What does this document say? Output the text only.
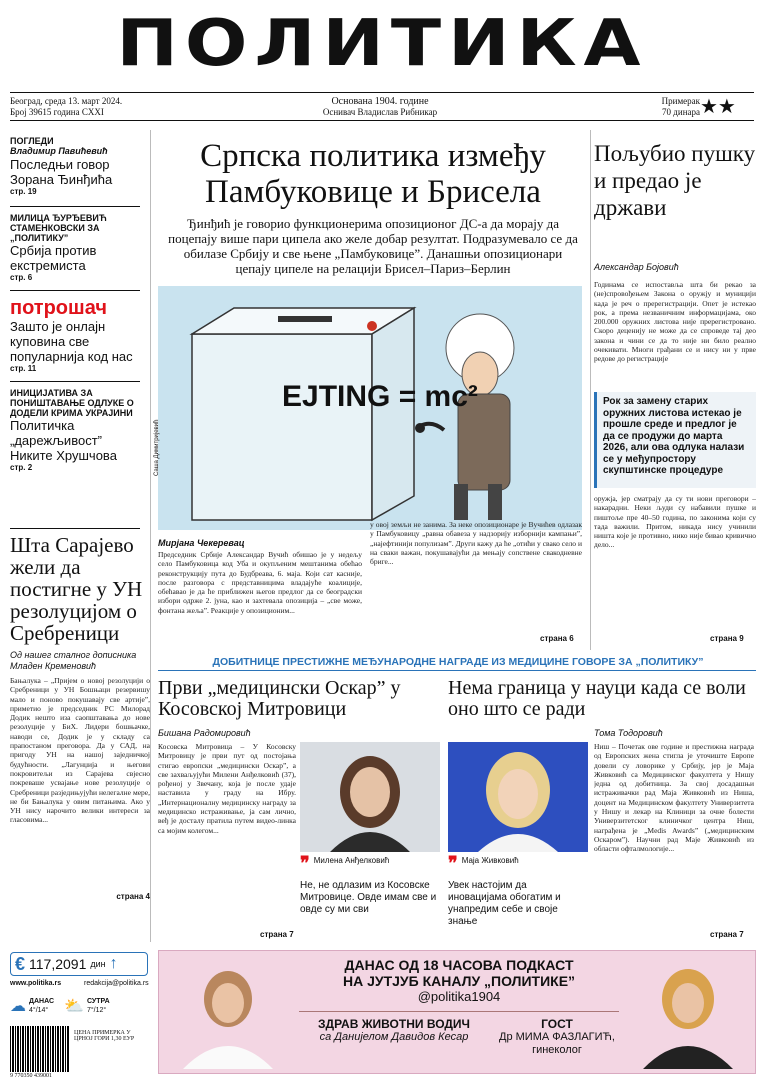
ПОЛИТИКА
Београд, среда 13. март 2024.
Број 39615 година CXXI
Основана 1904. године
Оснивач Владислав Рибникар
Примерак
70 динара ★★
ПОГЛЕДИ
Владимир Павићевић
Последњи говор Зорана Ђинђића
стр. 19
МИЛИЦА ЂУРЂЕВИЋ СТАМЕНКОВСКИ ЗА „ПОЛИТИКУ”
Србија против екстремиста
стр. 6
потрошач
Зашто је онлајн куповина све популарнија код нас
стр. 11
ИНИЦИЈАТИВА ЗА ПОНИШТАВАЊЕ ОДЛУКЕ О ДОДЕЛИ КРИМА УКРАЈИНИ
Политичка „дарежљивост” Никите Хрушчова
стр. 2
Шта Сарајево жели да постигне у УН резолуцијом о Сребреници
Од нашег сталног дописника Младен Кременовић
Бањалука – „Пријем о новој резолуцији о Сребреници у УН Бошњаци резервишу мало и поново покушавају све артије”, приметио је председник РС Милорад Додик нешто иза саопштавања до нове резолуције у БиХ. Лидери бошњачке, наводи се, Додик је у складу са прапостаном преговора. Да у САД, на пригоду УН на нашој заједничкој будућности. „Лагунџија и његови покровитељи из Сарајева свјесно покреваше усвајање нове резолуције о Сребреници разједињујући нелегалне мере, не би Бањалука у овим питањима. Ако у УН нису нарочито велики интереси за гласовима...
страна 4
€ 117,2091 дин ↑
www.politika.rs	redakcija@politika.rs
☁ ДАНАС
4°/14° ⛅ СУТРА
7°/12°
9 770350 439001
ЦЕНА ПРИМЕРКА У ЦРНОЈ ГОРИ 1,30 ЕУР
Српска политика између Памбуковице и Брисела
Ђинђић је говорио функционерима опозиционог ДС-а да морају да поцепају више пари ципела ако желе добар резултат. Подразумевало се да обилазе Србију и све њене „Памбуковице”. Данашњи опозиционари цепају ципеле на релацији Брисел–Париз–Берлин
EJTING = mc²
Саша Димитријевић
Мирјана Чекеревац
Председник Србије Александар Вучић обишао је у недељу село Памбуковица код Уба и окупљеним мештанима обећао реконструкцију пута до Будбреава, 6. маја. Који сат касније, после разговора с представницима владајуће коалиције, обећавао је да ће приближен његов предлог да се београдски избори одрже 2. јуна, као и захтевала опозиција – „све може, фонтана жеља”. Реакције у опозиционим...
у овој земљи не занима. За неке опозиционаре је Вучићев одлазак у Памбуковицу „равна обавеза у надзорију изборнији кампањи”, „најефтинији популизам”. Други кажу да ће „отићи у свако село и на сваки важан, покушавајући да мењају сопствене свакодневне бриге...
страна 6
Пољубио пушку и предао је држави
Александар Бојовић
Годинама се испоставља шта би рекао за (не)спровођењем Закона о оружју и муницији када је реч о пререгистрацији. Опет је истекао рок, а према незваничним информацијама, око 200.000 оружних листова није пререгистровано. Скоро децениjу не може да се спроведе тај део закона и чини се да то није ни било реално очекивати. Многи грађани се и нису ни у прве редове до регистрације
Рок за замену старих оружних листова истекао је прошле среде и предлог је да се продужи до марта 2026, али ова одлука налази се у међупростору скупштинске процедуре
оружја, јер сматрају да су ти нови преговори – накарадни. Неки људи су набавили пушке и пиштоље пре 40–50 година, по законима који су тада важили. Притом, никада нису учинили ништа које је противно, нико није бивао кривично дело...
страна 9
ДОБИТНИЦЕ ПРЕСТИЖНЕ МЕЂУНАРОДНЕ НАГРАДЕ ИЗ МЕДИЦИНЕ ГОВОРЕ ЗА „ПОЛИТИКУ”
Први „медицински Оскар” у Косовској Митровици
Бишана Радомировић
Косовска Митровица – У Косовску Митровицу је први пут од постојања стигао европски „медицински Оскар”, а све захваљујући Милени Анђелковић (37), рођеној у Звечану, која је после удаје наставила у граду на Ибру. „Интернационалну медицинску награду за медицинско истраживање, ја сам лично, веђ је досталу пратила путем видео-линка са мојим колегом...
страна 7
❞ Милена Анђелковић
Не, не одлазим из Косовске Митровице. Овде имам све и овде су ми сви
Нема граница у науци када се воли оно што се ради
Тома Тодоровић
Ниш – Почетак ове године и престижна награда од Европских жена стигла је уточиште Европе довели су ловорике у Србију, јер је Маја Живковић са Медицинског факултета у Нишу једна од добитница. За свој досадашњи истраживачки рад Маја Живковић из Ниша, доцент на Медицинском факултету Универзитета у Нишу и лекар на Клиници за очне болести Универзитетског клиничког центра Ниш, награђена је „Medis Awards” („медицинским Оскаром”). Научни рад Маје Живковић из области офталмологије...
страна 7
❞ Маја Живковић
Увек настојим да иновацијама обогатим и унапредим себе и своје знање
ДАНАС ОД 18 ЧАСОВА ПОДКАСТ
НА ЈУТЈУБ КАНАЛУ „ПОЛИТИКЕ”
@politika1904
ЗДРАВ ЖИВОТНИ ВОДИЧ
са Данијелом Давидов Кесар
ГОСТ
Др МИМА ФАЗЛАГИЋ,
гинеколог
